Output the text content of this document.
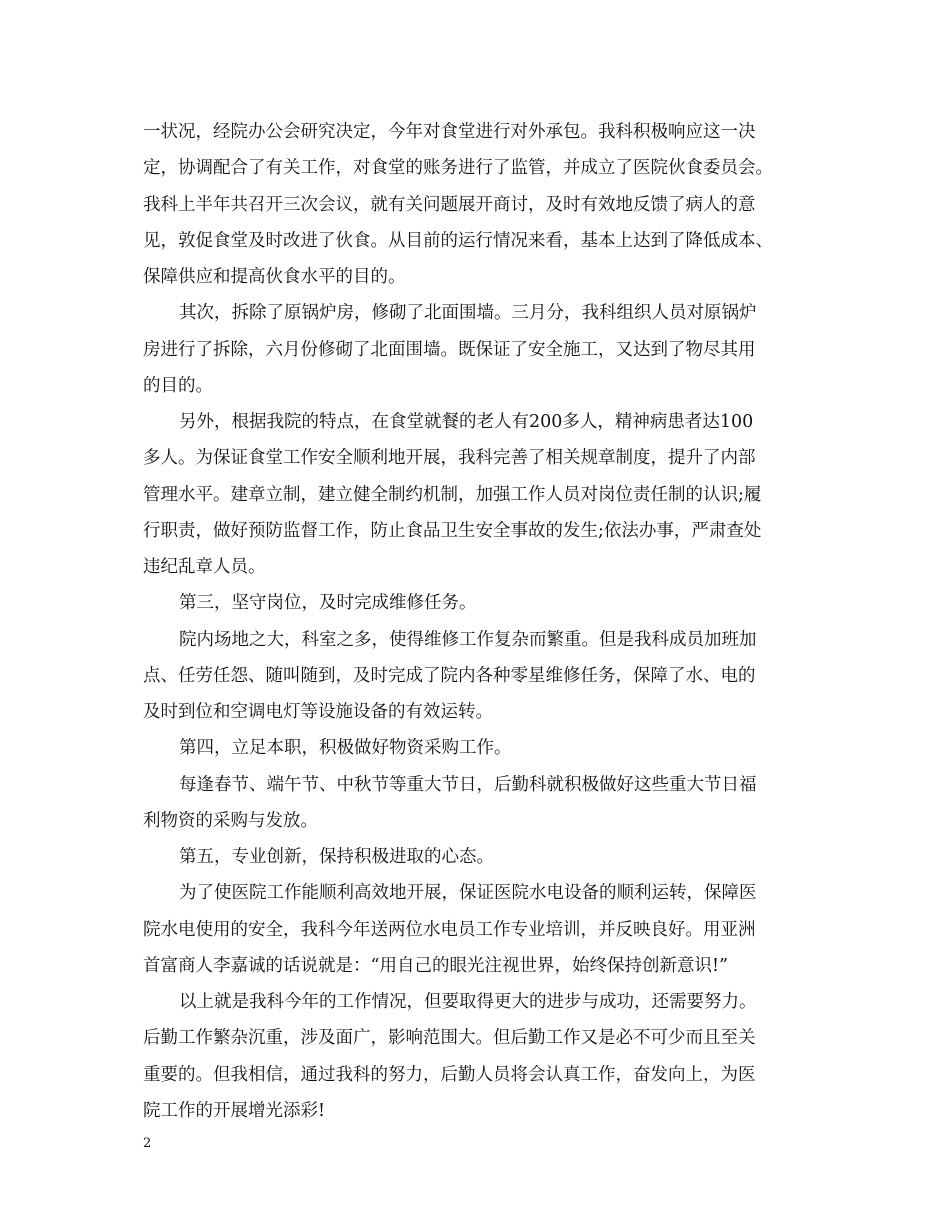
一状况，经院办公会研究决定，今年对食堂进行对外承包。我科积极响应这一决
定，协调配合了有关工作，对食堂的账务进行了监管，并成立了医院伙食委员会。
我科上半年共召开三次会议，就有关问题展开商讨，及时有效地反馈了病人的意
见，敦促食堂及时改进了伙食。从目前的运行情况来看，基本上达到了降低成本、
保障供应和提高伙食水平的目的。
其次，拆除了原锅炉房，修砌了北面围墙。三月分，我科组织人员对原锅炉
房进行了拆除，六月份修砌了北面围墙。既保证了安全施工，又达到了物尽其用
的目的。
另外，根据我院的特点，在食堂就餐的老人有200多人，精神病患者达100
多人。为保证食堂工作安全顺利地开展，我科完善了相关规章制度，提升了内部
管理水平。建章立制，建立健全制约机制，加强工作人员对岗位责任制的认识;履
行职责，做好预防监督工作，防止食品卫生安全事故的发生;依法办事，严肃查处
违纪乱章人员。
第三，坚守岗位，及时完成维修任务。
院内场地之大，科室之多，使得维修工作复杂而繁重。但是我科成员加班加
点、任劳任怨、随叫随到，及时完成了院内各种零星维修任务，保障了水、电的
及时到位和空调电灯等设施设备的有效运转。
第四，立足本职，积极做好物资采购工作。
每逢春节、端午节、中秋节等重大节日，后勤科就积极做好这些重大节日福
利物资的采购与发放。
第五，专业创新，保持积极进取的心态。
为了使医院工作能顺利高效地开展，保证医院水电设备的顺利运转，保障医
院水电使用的安全，我科今年送两位水电员工作专业培训，并反映良好。用亚洲
首富商人李嘉诚的话说就是：“用自己的眼光注视世界，始终保持创新意识!”
以上就是我科今年的工作情况，但要取得更大的进步与成功，还需要努力。
后勤工作繁杂沉重，涉及面广，影响范围大。但后勤工作又是必不可少而且至关
重要的。但我相信，通过我科的努力，后勤人员将会认真工作，奋发向上，为医
院工作的开展增光添彩!
2
